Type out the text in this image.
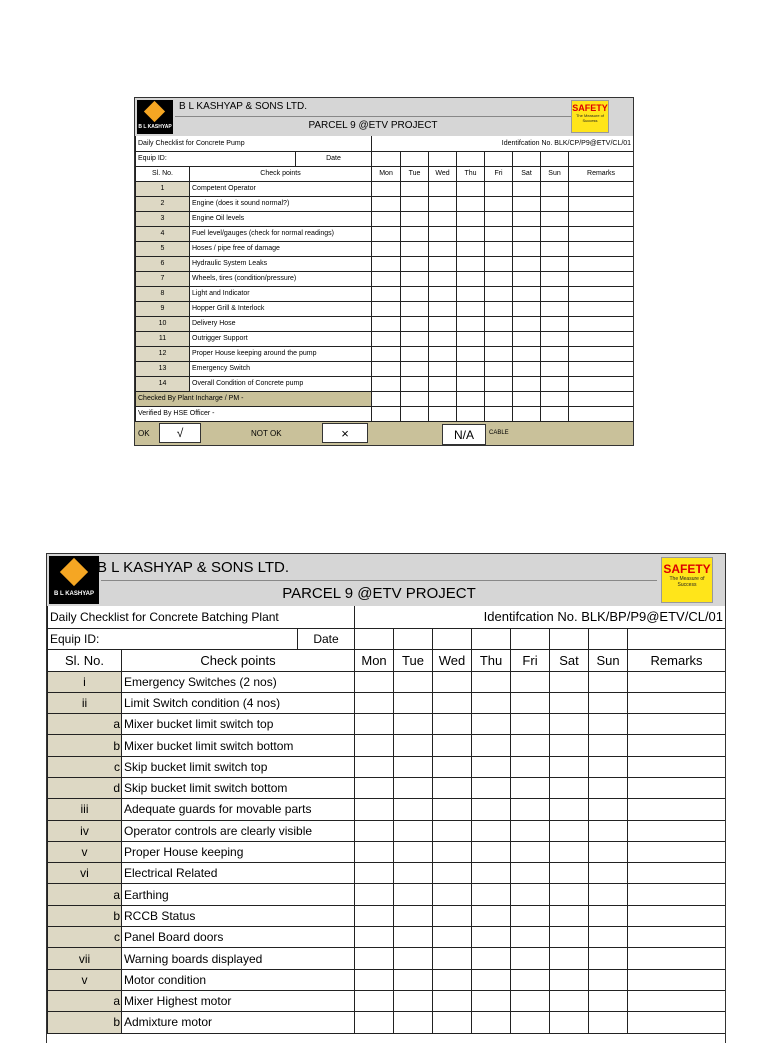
B L KASHYAP
B L KASHYAP & SONS LTD.
PARCEL 9 @ETV PROJECT
SAFETY
The Measure of Success
Daily Checklist for Concrete Pump			Identifcation No. BLK/CP/P9@ETV/CL/01							
Equip ID:		Date								
Sl. No.	Check points		Mon	Tue	Wed	Thu	Fri	Sat	Sun	Remarks
1	Competent Operator									
2	Engine (does it sound normal?)									
3	Engine Oil levels									
4	Fuel level/gauges (check for normal readings)									
5	Hoses / pipe free of damage									
6	Hydraulic System Leaks									
7	Wheels, tires (condition/pressure)									
8	Light and Indicator									
9	Hopper Grill & Interlock									
10	Delivery Hose									
11	Outrigger Support									
12	Proper House keeping around the pump									
13	Emergency Switch									
14	Overall Condition of Concrete pump									
Checked By Plant Incharge / PM -										
Verified By HSE Officer -										
OK	√	NOT OK	×	CABLE
N/A
B L KASHYAP
B L KASHYAP & SONS LTD.
PARCEL 9 @ETV PROJECT
SAFETY
The Measure of Success
Daily Checklist for Concrete Batching Plant			Identifcation No. BLK/BP/P9@ETV/CL/01							
Equip ID:		Date								
Sl. No.	Check points		Mon	Tue	Wed	Thu	Fri	Sat	Sun	Remarks
i	Emergency Switches (2 nos)									
ii	Limit Switch condition (4 nos)									
a	Mixer bucket limit switch top									
b	Mixer bucket limit switch bottom									
c	Skip bucket limit switch top									
d	Skip bucket limit switch bottom									
iii	Adequate guards for movable parts									
iv	Operator controls are clearly visible									
v	Proper House keeping									
vi	Electrical Related									
a	Earthing									
b	RCCB Status									
c	Panel Board doors									
vii	Warning boards displayed									
v	Motor condition									
a	Mixer Highest motor									
b	Admixture motor									
